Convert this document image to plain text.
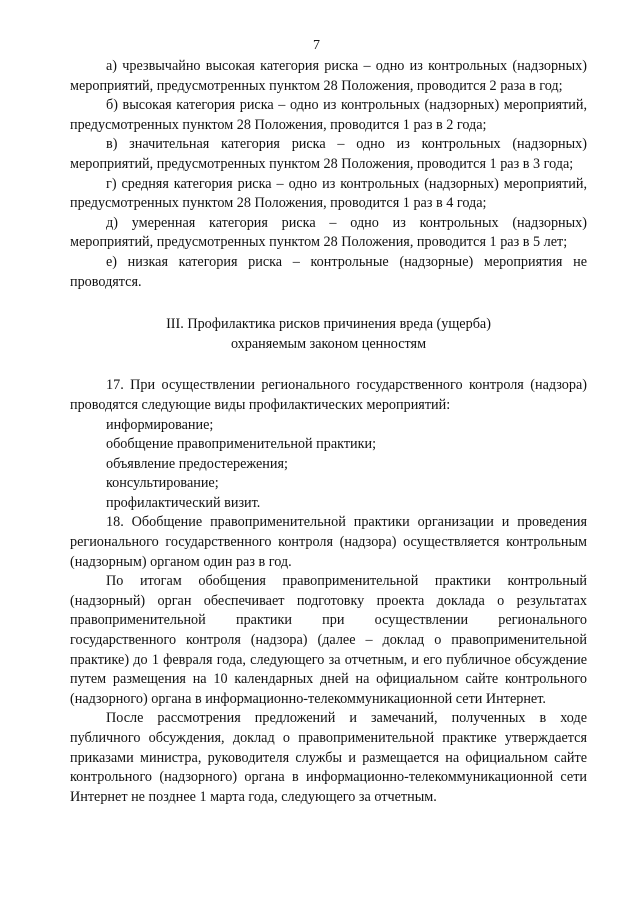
7

а) чрезвычайно высокая категория риска – одно из контрольных (надзорных) мероприятий, предусмотренных пунктом 28 Положения, проводится 2 раза в год;

б) высокая категория риска – одно из контрольных (надзорных) мероприятий, предусмотренных пунктом 28 Положения, проводится 1 раз в 2 года;

в) значительная категория риска – одно из контрольных (надзорных) мероприятий, предусмотренных пунктом 28 Положения, проводится 1 раз в 3 года;

г) средняя категория риска – одно из контрольных (надзорных) мероприятий, предусмотренных пунктом 28 Положения, проводится 1 раз в 4 года;

д) умеренная категория риска – одно из контрольных (надзорных) мероприятий, предусмотренных пунктом 28 Положения, проводится 1 раз в 5 лет;

е) низкая категория риска – контрольные (надзорные) мероприятия не проводятся.

III. Профилактика рисков причинения вреда (ущерба)
охраняемым законом ценностям

17. При осуществлении регионального государственного контроля (надзора) проводятся следующие виды профилактических мероприятий:

информирование;

обобщение правоприменительной практики;

объявление предостережения;

консультирование;

профилактический визит.

18. Обобщение правоприменительной практики организации и проведения регионального государственного контроля (надзора) осуществляется контрольным (надзорным) органом один раз в год.

По итогам обобщения правоприменительной практики контрольный (надзорный) орган обеспечивает подготовку проекта доклада о результатах правоприменительной практики при осуществлении регионального государственного контроля (надзора) (далее – доклад о правоприменительной практике) до 1 февраля года, следующего за отчетным, и его публичное обсуждение путем размещения на 10 календарных дней на официальном сайте контрольного (надзорного) органа в информационно-телекоммуникационной сети Интернет.

После рассмотрения предложений и замечаний, полученных в ходе публичного обсуждения, доклад о правоприменительной практике утверждается приказами министра, руководителя службы и размещается на официальном сайте контрольного (надзорного) органа в информационно-телекоммуникационной сети Интернет не позднее 1 марта года, следующего за отчетным.
